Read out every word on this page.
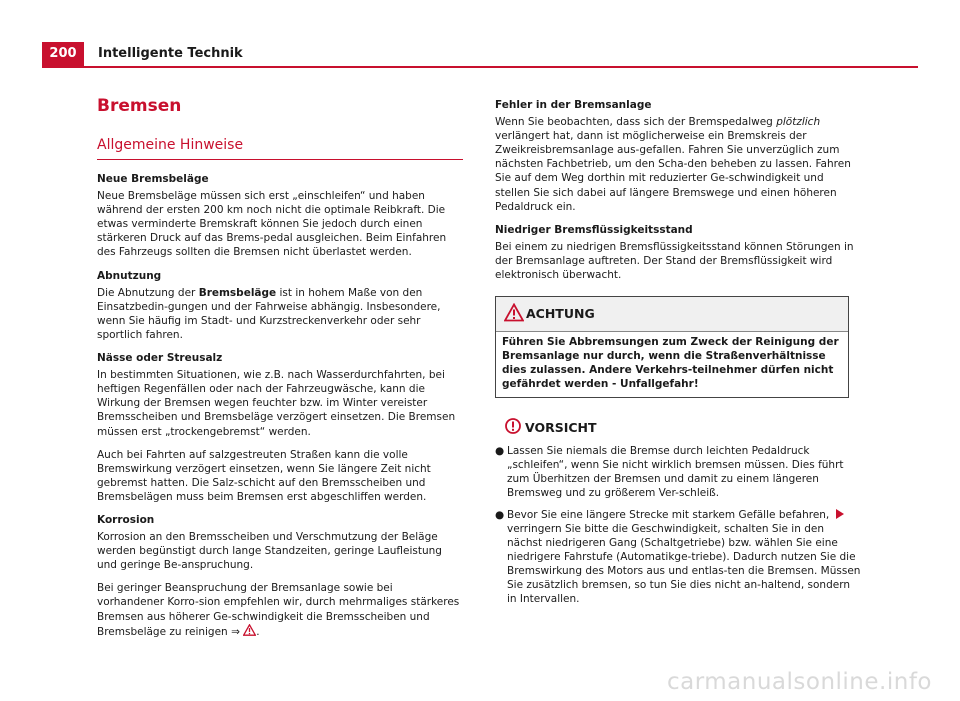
200	Intelligente Technik
Bremsen
Allgemeine Hinweise
Neue Bremsbeläge

Neue Bremsbeläge müssen sich erst „einschleifen“ und haben während der ersten 200 km noch nicht die optimale Reibkraft. Die etwas verminderte Bremskraft können Sie jedoch durch einen stärkeren Druck auf das Brems-pedal ausgleichen. Beim Einfahren des Fahrzeugs sollten die Bremsen nicht überlastet werden.

Abnutzung

Die Abnutzung der Bremsbeläge ist in hohem Maße von den Einsatzbedin-gungen und der Fahrweise abhängig. Insbesondere, wenn Sie häufig im Stadt- und Kurzstreckenverkehr oder sehr sportlich fahren.

Nässe oder Streusalz

In bestimmten Situationen, wie z.B. nach Wasserdurchfahrten, bei heftigen Regenfällen oder nach der Fahrzeugwäsche, kann die Wirkung der Bremsen wegen feuchter bzw. im Winter vereister Bremsscheiben und Bremsbeläge verzögert einsetzen. Die Bremsen müssen erst „trockengebremst“ werden.

Auch bei Fahrten auf salzgestreuten Straßen kann die volle Bremswirkung verzögert einsetzen, wenn Sie längere Zeit nicht gebremst hatten. Die Salz-schicht auf den Bremsscheiben und Bremsbelägen muss beim Bremsen erst abgeschliffen werden.

Korrosion

Korrosion an den Bremsscheiben und Verschmutzung der Beläge werden begünstigt durch lange Standzeiten, geringe Laufleistung und geringe Be-anspruchung.

Bei geringer Beanspruchung der Bremsanlage sowie bei vorhandener Korro-sion empfehlen wir, durch mehrmaliges stärkeres Bremsen aus höherer Ge-schwindigkeit die Bremsscheiben und Bremsbeläge zu reinigen ⇒ .

Fehler in der Bremsanlage

Wenn Sie beobachten, dass sich der Bremspedalweg plötzlich verlängert hat, dann ist möglicherweise ein Bremskreis der Zweikreisbremsanlage aus-gefallen. Fahren Sie unverzüglich zum nächsten Fachbetrieb, um den Scha-den beheben zu lassen. Fahren Sie auf dem Weg dorthin mit reduzierter Ge-schwindigkeit und stellen Sie sich dabei auf längere Bremswege und einen höheren Pedaldruck ein.

Niedriger Bremsflüssigkeitsstand

Bei einem zu niedrigen Bremsflüssigkeitsstand können Störungen in der Bremsanlage auftreten. Der Stand der Bremsflüssigkeit wird elektronisch überwacht.

ACHTUNG
Führen Sie Abbremsungen zum Zweck der Reinigung der Bremsanlage nur durch, wenn die Straßenverhältnisse dies zulassen. Andere Verkehrs-teilnehmer dürfen nicht gefährdet werden - Unfallgefahr!
VORSICHT
● Lassen Sie niemals die Bremse durch leichten Pedaldruck „schleifen“, wenn Sie nicht wirklich bremsen müssen. Dies führt zum Überhitzen der Bremsen und damit zu einem längeren Bremsweg und zu größerem Ver-schleiß.
● Bevor Sie eine längere Strecke mit starkem Gefälle befahren, verringern Sie bitte die Geschwindigkeit, schalten Sie in den nächst niedrigeren Gang (Schaltgetriebe) bzw. wählen Sie eine niedrigere Fahrstufe (Automatikge-triebe). Dadurch nutzen Sie die Bremswirkung des Motors aus und entlas-ten die Bremsen. Müssen Sie zusätzlich bremsen, so tun Sie dies nicht an-haltend, sondern in Intervallen.
carmanualsonline.info
